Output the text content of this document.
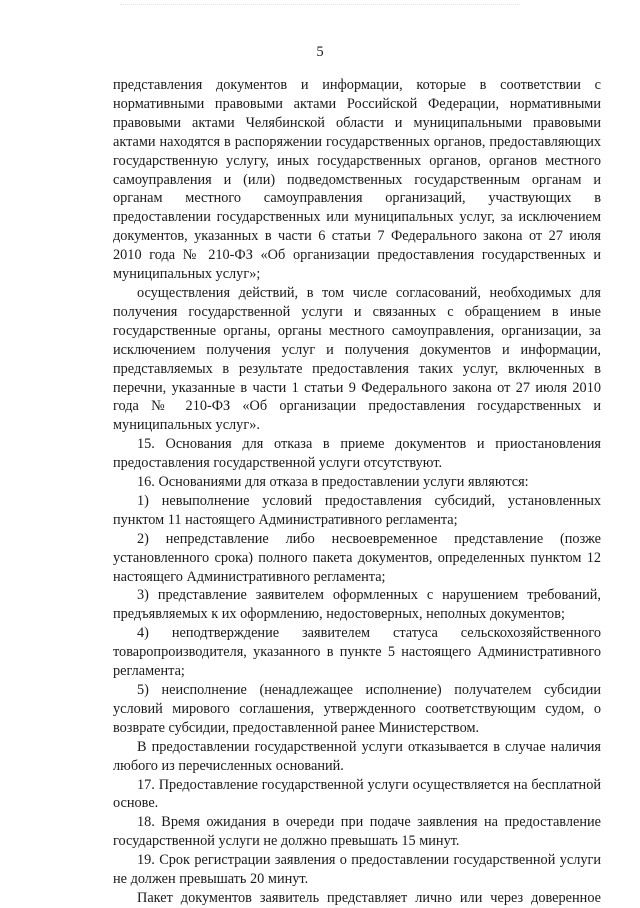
5

представления документов и информации, которые в соответствии с нормативными правовыми актами Российской Федерации, нормативными правовыми актами Челябинской области и муниципальными правовыми актами находятся в распоряжении государственных органов, предоставляющих государственную услугу, иных государственных органов, органов местного самоуправления и (или) подведомственных государственным органам и органам местного самоуправления организаций, участвующих в предоставлении государственных или муниципальных услуг, за исключением документов, указанных в части 6 статьи 7 Федерального закона от 27 июля 2010 года № 210-ФЗ «Об организации предоставления государственных и муниципальных услуг»;

осуществления действий, в том числе согласований, необходимых для получения государственной услуги и связанных с обращением в иные государственные органы, органы местного самоуправления, организации, за исключением получения услуг и получения документов и информации, представляемых в результате предоставления таких услуг, включенных в перечни, указанные в части 1 статьи 9 Федерального закона от 27 июля 2010 года № 210-ФЗ «Об организации предоставления государственных и муниципальных услуг».

15. Основания для отказа в приеме документов и приостановления предоставления государственной услуги отсутствуют.

16. Основаниями для отказа в предоставлении услуги являются:

1) невыполнение условий предоставления субсидий, установленных пунктом 11 настоящего Административного регламента;

2) непредставление либо несвоевременное представление (позже установленного срока) полного пакета документов, определенных пунктом 12 настоящего Административного регламента;

3) представление заявителем оформленных с нарушением требований, предъявляемых к их оформлению, недостоверных, неполных документов;

4) неподтверждение заявителем статуса сельскохозяйственного товаропроизводителя, указанного в пункте 5 настоящего Административного регламента;

5) неисполнение (ненадлежащее исполнение) получателем субсидии условий мирового соглашения, утвержденного соответствующим судом, о возврате субсидии, предоставленной ранее Министерством.

В предоставлении государственной услуги отказывается в случае наличия любого из перечисленных оснований.

17. Предоставление государственной услуги осуществляется на бесплатной основе.

18. Время ожидания в очереди при подаче заявления на предоставление государственной услуги не должно превышать 15 минут.

19. Срок регистрации заявления о предоставлении государственной услуги не должен превышать 20 минут.

Пакет документов заявитель представляет лично или через доверенное
